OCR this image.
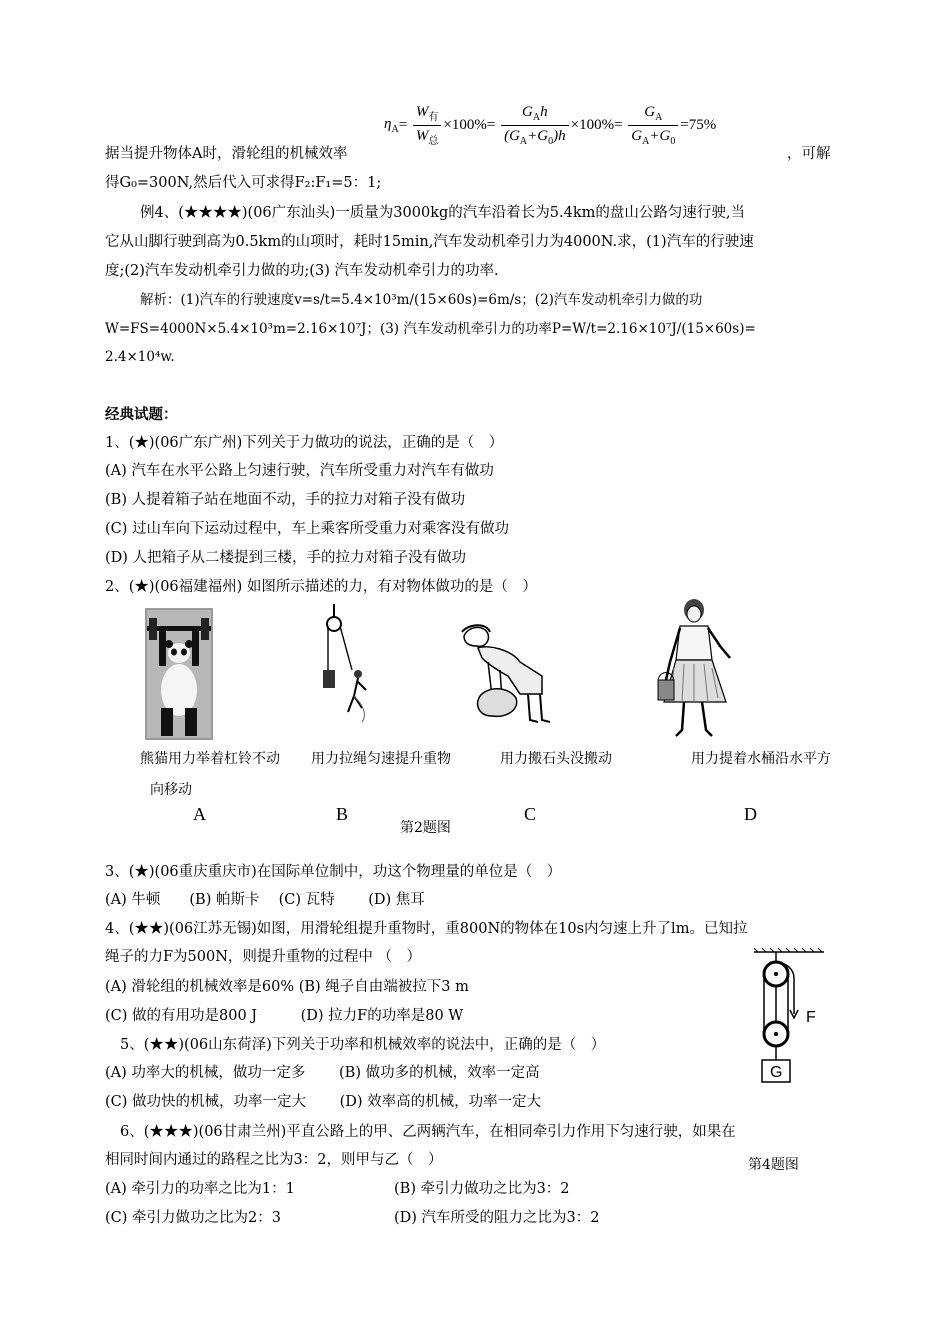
据当提升物体A时，滑轮组的机械效率
$\eta_A= \frac{W_有}{W_总} \times 100\%= \frac{G_Ah}{(G_A+G_0)h} \times 100\%= \frac{G_A}{G_A+G_0} =75\%$
，可解
得G₀=300N,然后代入可求得F₂:F₁=5：1;
例4、(★★★★)(06广东汕头)一质量为3000kg的汽车沿着长为5.4km的盘山公路匀速行驶,当
它从山脚行驶到高为0.5km的山项时，耗时15min,汽车发动机牵引力为4000N.求，(1)汽车的行驶速
度;(2)汽车发动机牵引力做的功;(3) 汽车发动机牵引力的功率.
解析：(1)汽车的行驶速度v=s/t=5.4×10³m/(15×60s)=6m/s；(2)汽车发动机牵引力做的功
W=FS=4000N×5.4×10³m=2.16×10⁷J；(3) 汽车发动机牵引力的功率P=W/t=2.16×10⁷J/(15×60s)=
2.4×10⁴w.
经典试题：
1、(★)(06广东广州)下列关于力做功的说法，正确的是（　）
(A) 汽车在水平公路上匀速行驶，汽车所受重力对汽车有做功
(B) 人提着箱子站在地面不动，手的拉力对箱子没有做功
(C) 过山车向下运动过程中，车上乘客所受重力对乘客没有做功
(D) 人把箱子从二楼提到三楼，手的拉力对箱子没有做功
2、(★)(06福建福州) 如图所示描述的力，有对物体做功的是（　）
熊猫用力举着杠铃不动 用力拉绳匀速提升重物	用力搬石头没搬动	用力提着水桶沿水平方
向移动
A	B	C	D
第2题图
3、(★)(06重庆重庆市)在国际单位制中，功这个物理量的单位是（　）
(A) 牛顿　　(B) 帕斯卡　 (C) 瓦特　　 (D) 焦耳
4、(★★)(06江苏无锡)如图，用滑轮组提升重物时，重800N的物体在10s内匀速上升了lm。已知拉
绳子的力F为500N，则提升重物的过程中 （　）
(A) 滑轮组的机械效率是60% (B) 绳子自由端被拉下3 m
(C) 做的有用功是800 J　　　(D) 拉力F的功率是80 W	F
G
5、(★★)(06山东荷泽)下列关于功率和机械效率的说法中，正确的是（　）
(A) 功率大的机械，做功一定多　　 (B) 做功多的机械，效率一定高
(C) 做功快的机械，功率一定大　　 (D) 效率高的机械，功率一定大
6、(★★★)(06甘肃兰州)平直公路上的甲、乙两辆汽车，在相同牵引力作用下匀速行驶，如果在
相同时间内通过的路程之比为3：2，则甲与乙（　）	第4题图
(A) 牵引力的功率之比为1：1	(B) 牵引力做功之比为3：2
(C) 牵引力做功之比为2：3	(D) 汽车所受的阻力之比为3：2
